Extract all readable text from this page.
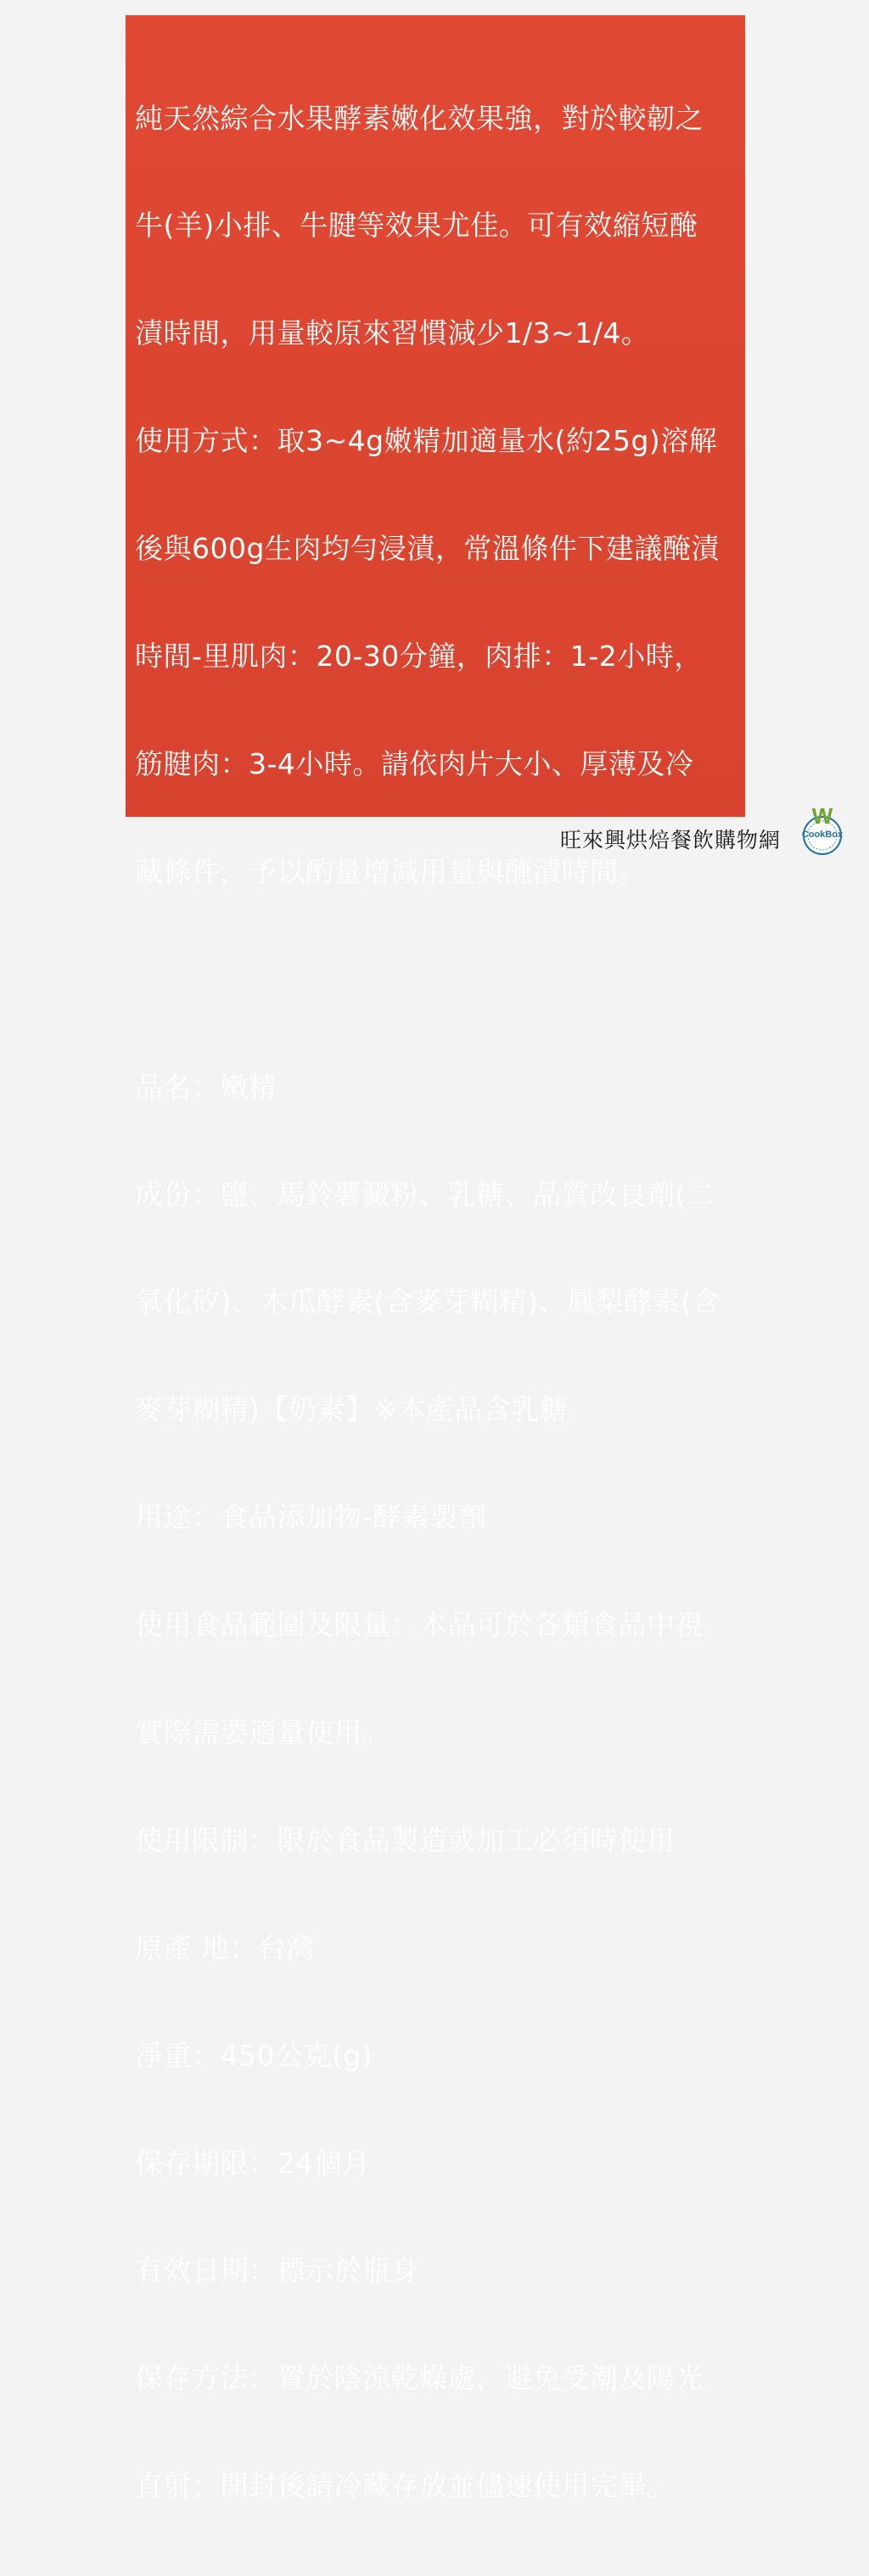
純天然綜合水果酵素嫩化效果強，對於較韌之

牛(羊)小排、牛腱等效果尤佳。可有效縮短醃

漬時間，用量較原來習慣減少1/3~1/4。

使用方式：取3~4g嫩精加適量水(約25g)溶解

後與600g生肉均勻浸漬，常溫條件下建議醃漬

時間-里肌肉：20-30分鐘，肉排：1-2小時，

筋腱肉：3-4小時。請依肉片大小、厚薄及冷

藏條件，予以酌量增減用量與醃漬時間。

品名：嫩精

成份：鹽、馬鈴薯澱粉、乳糖、品質改良劑(二

氧化矽)、木瓜酵素(含麥芽糊精)、鳳梨酵素(含

麥芽糊精)【奶素】※本產品含乳糖

用途：食品添加物-酵素製劑

使用食品範圍及限量：本品可於各類食品中視

實際需要適量使用。

使用限制：限於食品製造或加工必須時使用

原產 地：台灣

淨重：450公克(g)

保存期限：24個月

有效日期：標示於瓶身

保存方法：置於陰涼乾燥處，避免受潮及陽光

直射；開封後請冷藏存放並儘速使用完畢。

旺來興烘焙餐飲購物網
W
CookBox
